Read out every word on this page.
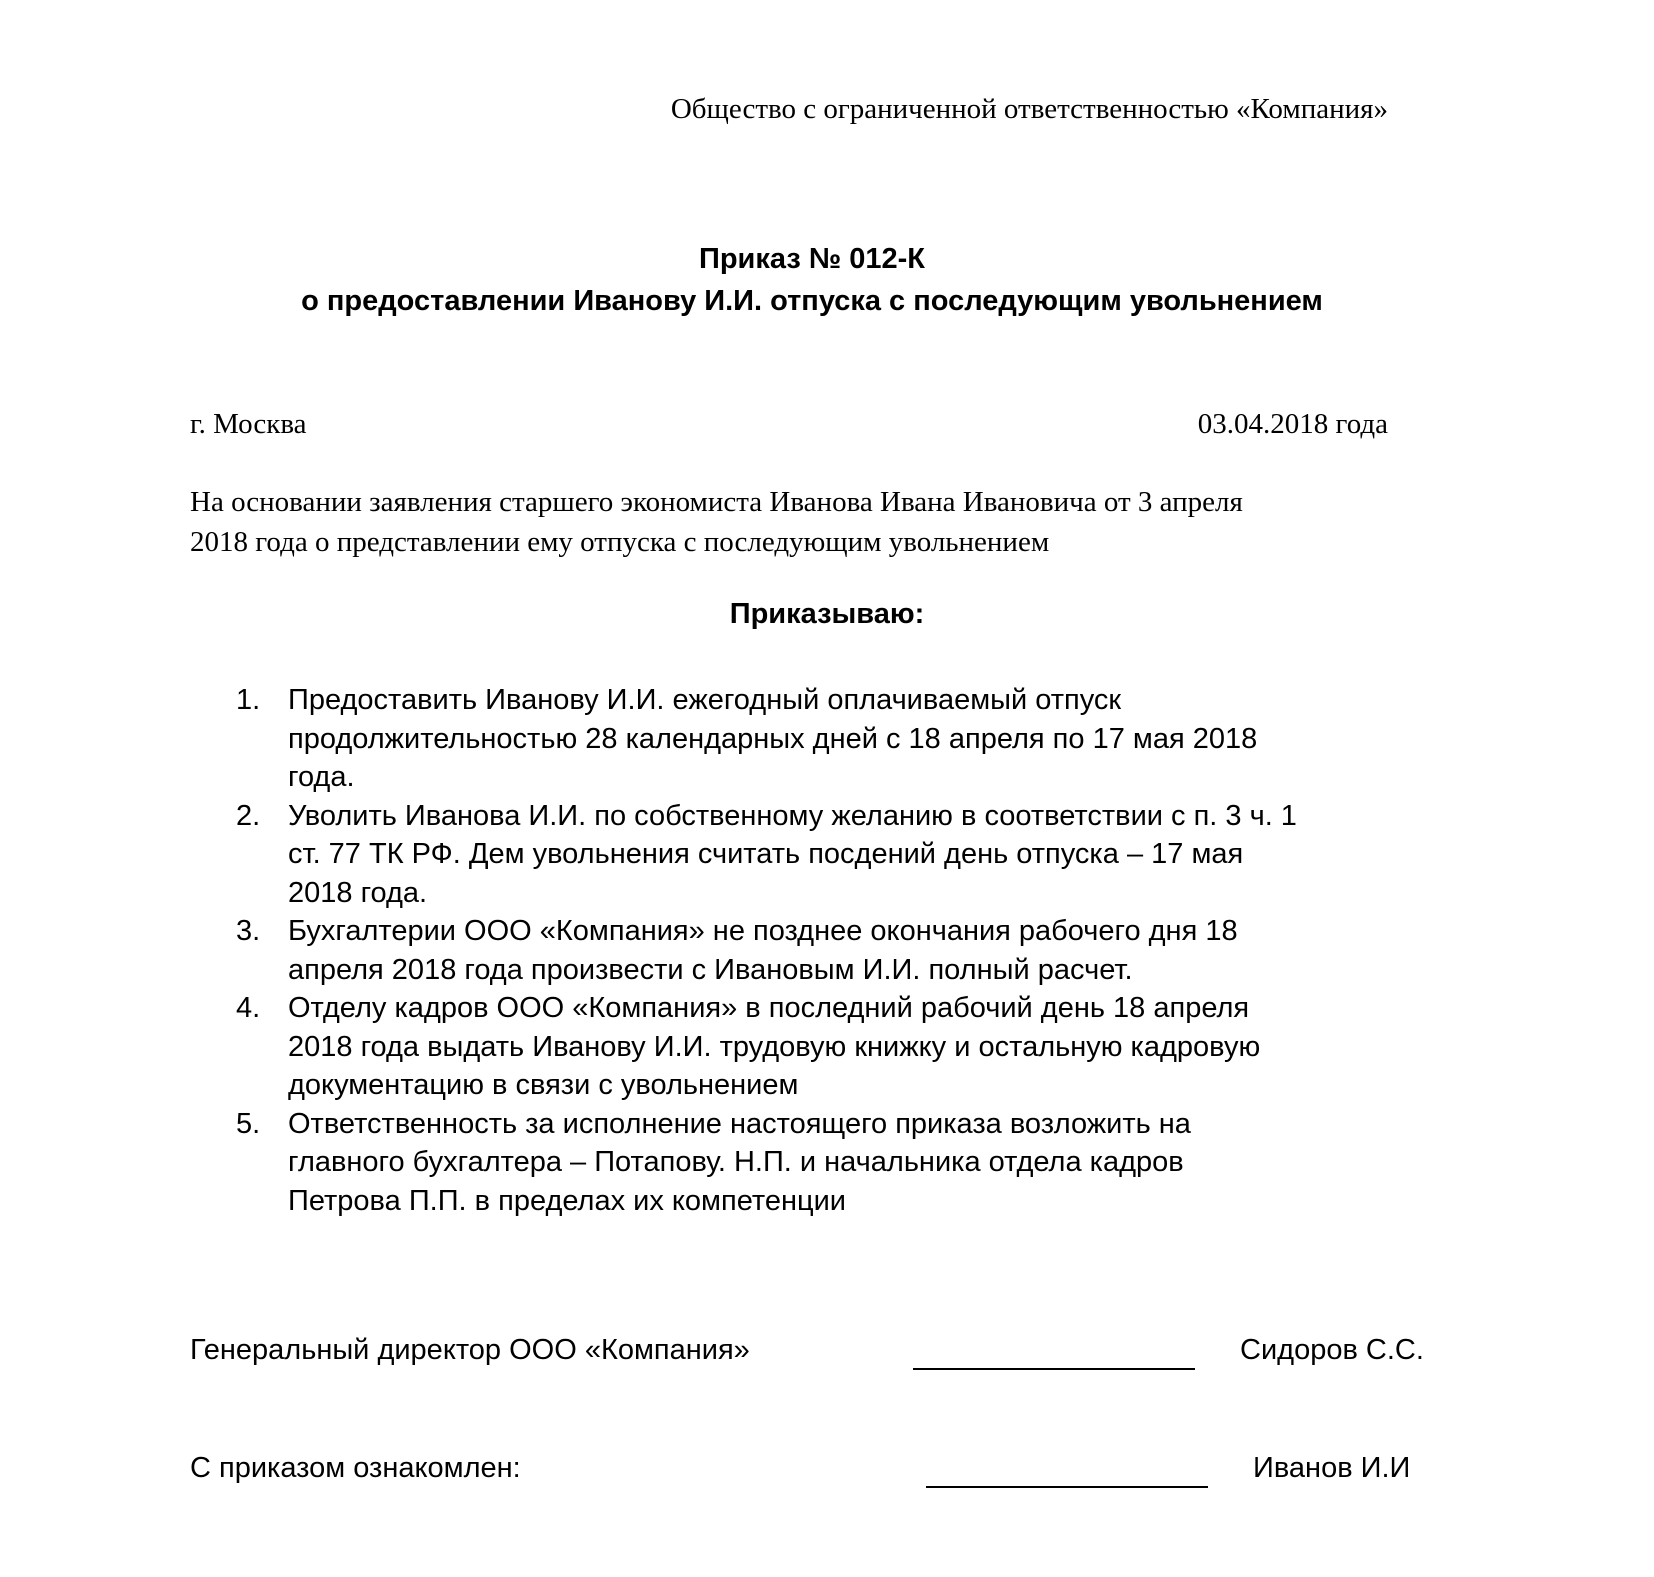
Общество с ограниченной ответственностью «Компания»
Приказ № 012-К
о предоставлении Иванову И.И. отпуска с последующим увольнением
г. Москва	03.04.2018 года
На основании заявления старшего экономиста Иванова Ивана Ивановича от 3 апреля
2018 года о представлении ему отпуска с последующим увольнением
Приказываю:
1. Предоставить Иванову И.И. ежегодный оплачиваемый отпуск
продолжительностью 28 календарных дней с 18 апреля по 17 мая 2018
года.
2. Уволить Иванова И.И. по собственному желанию в соответствии с п. 3 ч. 1
ст. 77 ТК РФ. Дем увольнения считать посдений день отпуска – 17 мая
2018 года.
3. Бухгалтерии ООО «Компания» не позднее окончания рабочего дня 18
апреля 2018 года произвести с Ивановым И.И. полный расчет.
4. Отделу кадров ООО «Компания» в последний рабочий день 18 апреля
2018 года выдать Иванову И.И. трудовую книжку и остальную кадровую
документацию в связи с увольнением
5. Ответственность за исполнение настоящего приказа возложить на
главного бухгалтера – Потапову. Н.П. и начальника отдела кадров
Петрова П.П. в пределах их компетенции
Генеральный директор ООО «Компания»	Сидоров С.С.
С приказом ознакомлен:	Иванов И.И
